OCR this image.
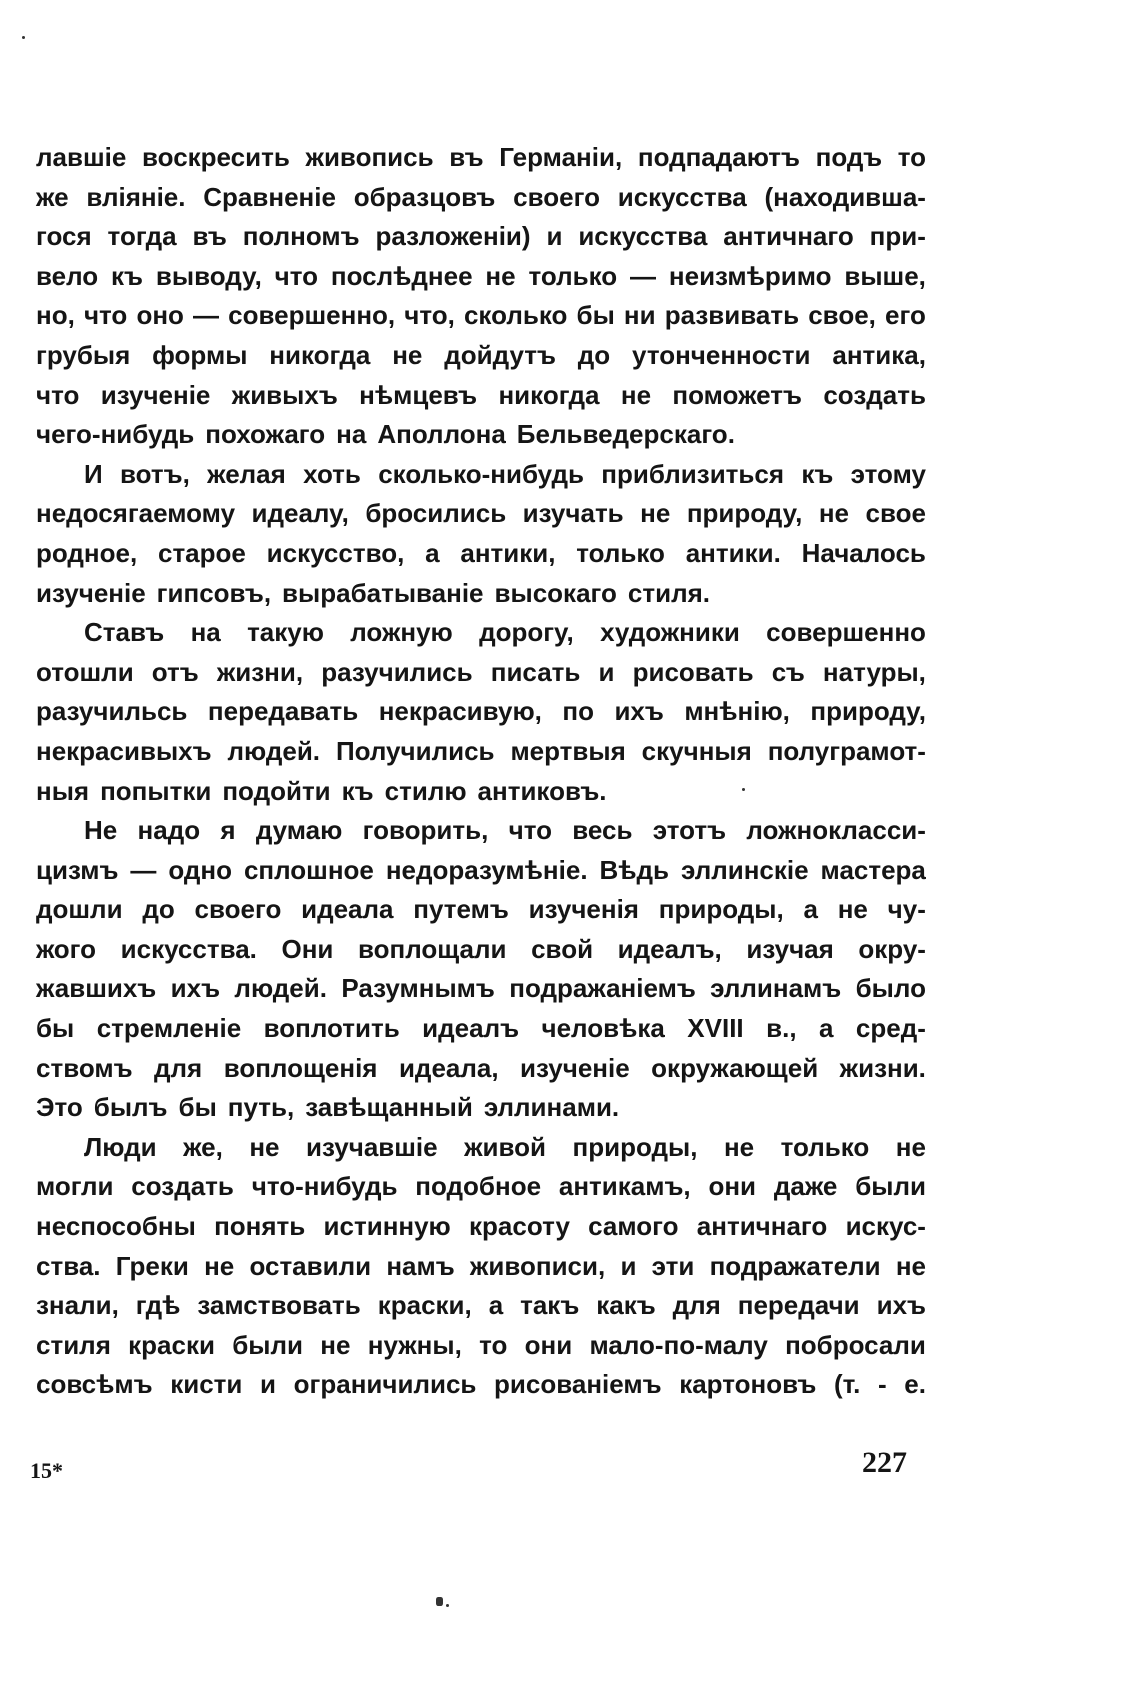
лавшіе воскресить живопись въ Германіи, подпадаютъ подъ то
же вліяніе. Сравненіе образцовъ своего искусства (находивша-
гося тогда въ полномъ разложеніи) и искусства античнаго при-
вело къ выводу, что послѣднее не только — неизмѣримо выше,
но, что оно — совершенно, что, сколько бы ни развивать свое, его
грубыя формы никогда не дойдутъ до утонченности антика,
что изученіе живыхъ нѣмцевъ никогда не поможетъ создать
чего-нибудь похожаго на Аполлона Бельведерскаго.
И вотъ, желая хоть сколько-нибудь приблизиться къ этому
недосягаемому идеалу, бросились изучать не природу, не свое
родное, старое искусство, а антики, только антики. Началось
изученіе гипсовъ, вырабатываніе высокаго стиля.
Ставъ на такую ложную дорогу, художники совершенно
отошли отъ жизни, разучились писать и рисовать съ натуры,
разучильсь передавать некрасивую, по ихъ мнѣнію, природу,
некрасивыхъ людей. Получились мертвыя скучныя полуграмот-
ныя попытки подойти къ стилю антиковъ.
Не надо я думаю говорить, что весь этотъ ложнокласси-
цизмъ — одно сплошное недоразумѣніе. Вѣдь эллинскіе мастера
дошли до своего идеала путемъ изученія природы, а не чу-
жого искусства. Они воплощали свой идеалъ, изучая окру-
жавшихъ ихъ людей. Разумнымъ подражаніемъ эллинамъ было
бы стремленіе воплотить идеалъ человѣка XVIII в., а сред-
ствомъ для воплощенія идеала, изученіе окружающей жизни.
Это былъ бы путь, завѣщанный эллинами.
Люди же, не изучавшіе живой природы, не только не
могли создать что-нибудь подобное антикамъ, они даже были
неспособны понять истинную красоту самого античнаго искус-
ства. Греки не оставили намъ живописи, и эти подражатели не
знали, гдѣ замствовать краски, а такъ какъ для передачи ихъ
стиля краски были не нужны, то они мало-по-малу побросали
совсѣмъ кисти и ограничились рисованіемъ картоновъ (т. - е.
15*	227
